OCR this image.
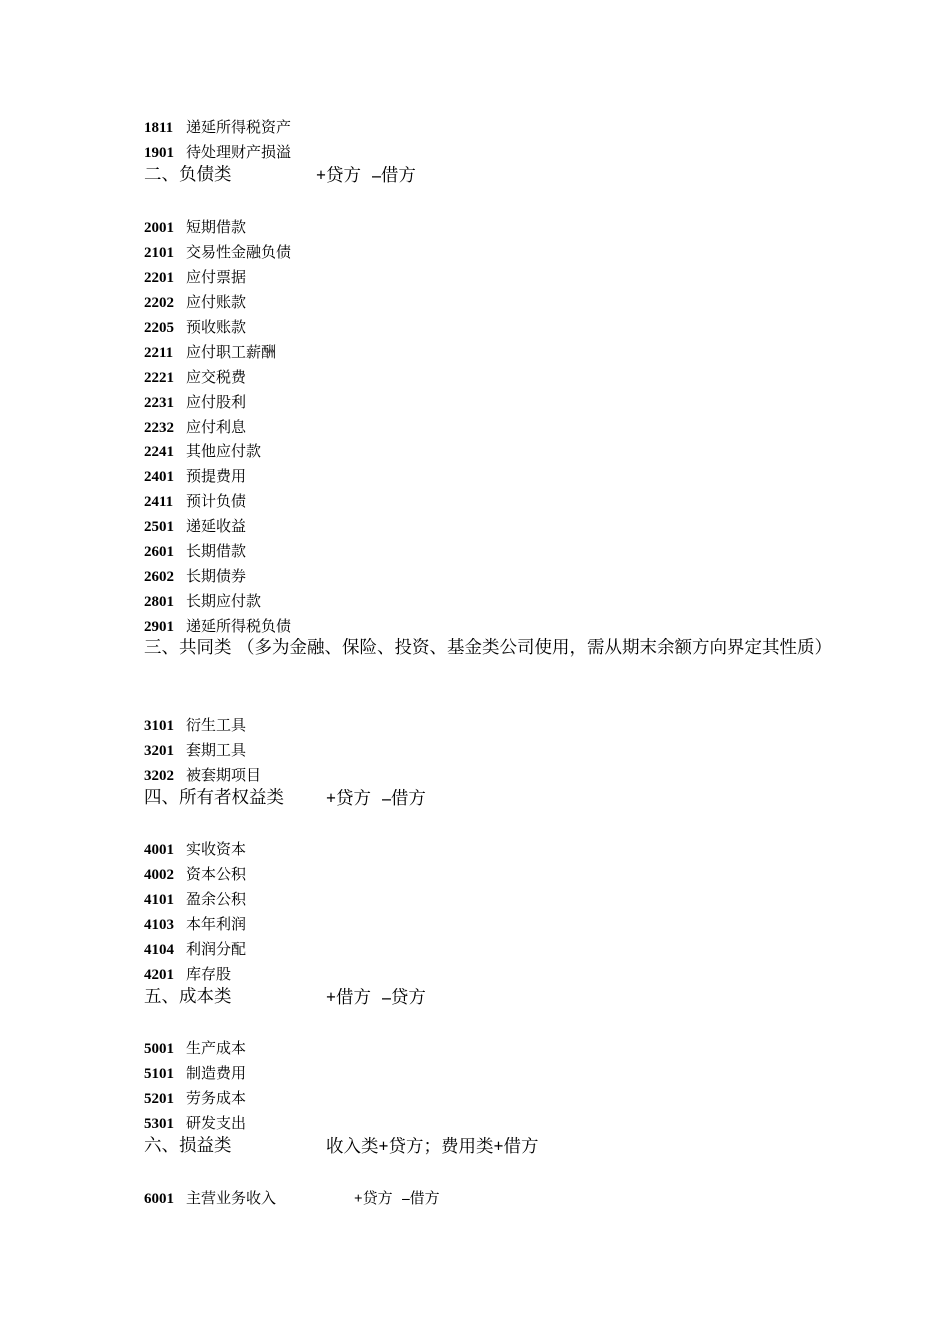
1811 递延所得税资产
1901 待处理财产损溢
二、负债类	+贷方 –借方
2001 短期借款
2101 交易性金融负债
2201 应付票据
2202 应付账款
2205 预收账款
2211 应付职工薪酬
2221 应交税费
2231 应付股利
2232 应付利息
2241 其他应付款
2401 预提费用
2411 预计负债
2501 递延收益
2601 长期借款
2602 长期债券
2801 长期应付款
2901 递延所得税负债
三、共同类 （多为金融、保险、投资、基金类公司使用，需从期末余额方向界定其性质）
3101 衍生工具
3201 套期工具
3202 被套期项目
四、所有者权益类 +贷方 –借方
4001 实收资本
4002 资本公积
4101 盈余公积
4103 本年利润
4104 利润分配
4201 库存股
五、成本类	+借方 –贷方
5001 生产成本
5101 制造费用
5201 劳务成本
5301 研发支出
六、损益类	收入类+贷方；费用类+借方
6001 主营业务收入	+贷方 –借方
